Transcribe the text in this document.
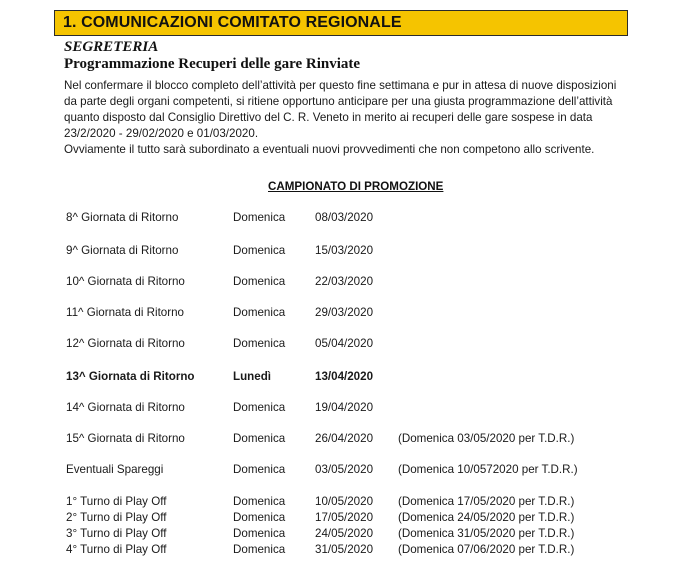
1. COMUNICAZIONI COMITATO REGIONALE
SEGRETERIA
Programmazione Recuperi delle gare Rinviate
Nel confermare il blocco completo dell’attività per questo fine settimana e pur in attesa di nuove disposizioni
da parte degli organi competenti, si ritiene opportuno anticipare per una giusta programmazione dell’attività
quanto disposto dal Consiglio Direttivo del C. R. Veneto in merito ai recuperi delle gare sospese in data
23/2/2020 - 29/02/2020 e 01/03/2020.
Ovviamente il tutto sarà subordinato a eventuali nuovi provvedimenti che non competono allo scrivente.
CAMPIONATO DI PROMOZIONE
8^ Giornata di Ritorno	Domenica	08/03/2020
9^ Giornata di Ritorno	Domenica	15/03/2020
10^ Giornata di Ritorno	Domenica	22/03/2020
11^ Giornata di Ritorno	Domenica	29/03/2020
12^ Giornata di Ritorno	Domenica	05/04/2020
13^ Giornata di Ritorno	Lunedì	13/04/2020
14^ Giornata di Ritorno	Domenica	19/04/2020
15^ Giornata di Ritorno	Domenica	26/04/2020 (Domenica 03/05/2020 per T.D.R.)
Eventuali Spareggi	Domenica	03/05/2020 (Domenica 10/0572020 per T.D.R.)
1° Turno di Play Off	Domenica	10/05/2020 (Domenica 17/05/2020 per T.D.R.)
2° Turno di Play Off	Domenica	17/05/2020 (Domenica 24/05/2020 per T.D.R.)
3° Turno di Play Off	Domenica	24/05/2020 (Domenica 31/05/2020 per T.D.R.)
4° Turno di Play Off	Domenica	31/05/2020 (Domenica 07/06/2020 per T.D.R.)
